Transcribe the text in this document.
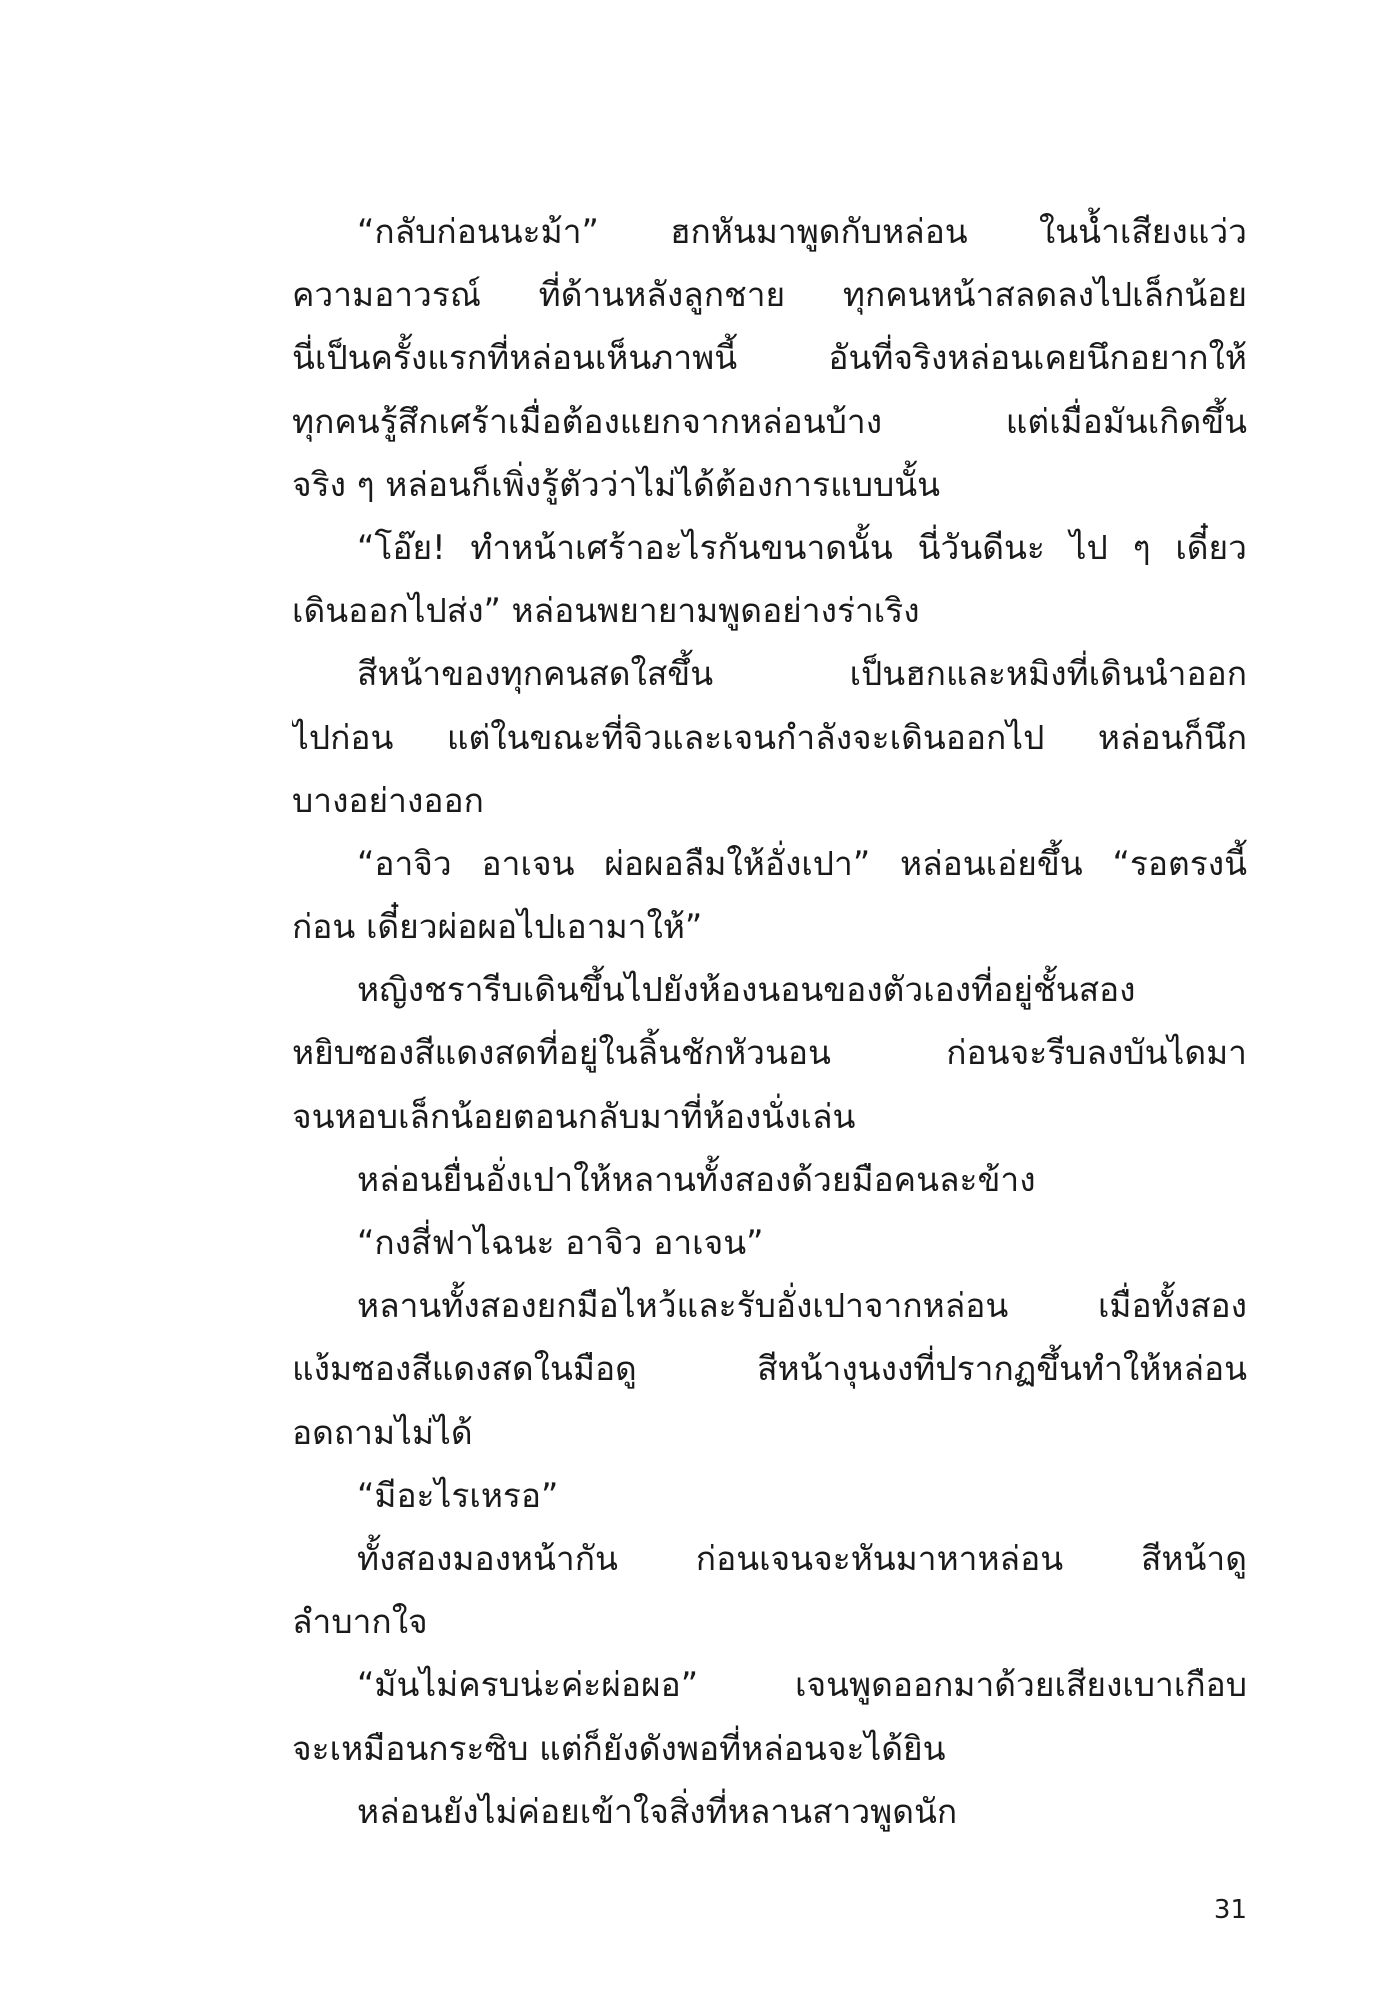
“กลับก่อนนะม้า” ฮกหันมาพูดกับหล่อน ในน้ำเสียงแว่ว
ความอาวรณ์ ที่ด้านหลังลูกชาย ทุกคนหน้าสลดลงไปเล็กน้อย
นี่เป็นครั้งแรกที่หล่อนเห็นภาพนี้ อันที่จริงหล่อนเคยนึกอยากให้
ทุกคนรู้สึกเศร้าเมื่อต้องแยกจากหล่อนบ้าง แต่เมื่อมันเกิดขึ้น
จริง ๆ หล่อนก็เพิ่งรู้ตัวว่าไม่ได้ต้องการแบบนั้น
“โอ๊ย! ทำหน้าเศร้าอะไรกันขนาดนั้น นี่วันดีนะ ไป ๆ เดี๋ยว
เดินออกไปส่ง” หล่อนพยายามพูดอย่างร่าเริง
สีหน้าของทุกคนสดใสขึ้น เป็นฮกและหมิงที่เดินนำออก
ไปก่อน แต่ในขณะที่จิวและเจนกำลังจะเดินออกไป หล่อนก็นึก
บางอย่างออก
“อาจิว อาเจน ผ่อผอลืมให้อั่งเปา” หล่อนเอ่ยขึ้น “รอตรงนี้
ก่อน เดี๋ยวผ่อผอไปเอามาให้”
หญิงชรารีบเดินขึ้นไปยังห้องนอนของตัวเองที่อยู่ชั้นสอง
หยิบซองสีแดงสดที่อยู่ในลิ้นชักหัวนอน ก่อนจะรีบลงบันไดมา
จนหอบเล็กน้อยตอนกลับมาที่ห้องนั่งเล่น
หล่อนยื่นอั่งเปาให้หลานทั้งสองด้วยมือคนละข้าง
“กงสี่ฟาไฉนะ อาจิว อาเจน”
หลานทั้งสองยกมือไหว้และรับอั่งเปาจากหล่อน เมื่อทั้งสอง
แง้มซองสีแดงสดในมือดู สีหน้างุนงงที่ปรากฏขึ้นทำให้หล่อน
อดถามไม่ได้
“มีอะไรเหรอ”
ทั้งสองมองหน้ากัน ก่อนเจนจะหันมาหาหล่อน สีหน้าดู
ลำบากใจ
“มันไม่ครบน่ะค่ะผ่อผอ” เจนพูดออกมาด้วยเสียงเบาเกือบ
จะเหมือนกระซิบ แต่ก็ยังดังพอที่หล่อนจะได้ยิน
หล่อนยังไม่ค่อยเข้าใจสิ่งที่หลานสาวพูดนัก
31
